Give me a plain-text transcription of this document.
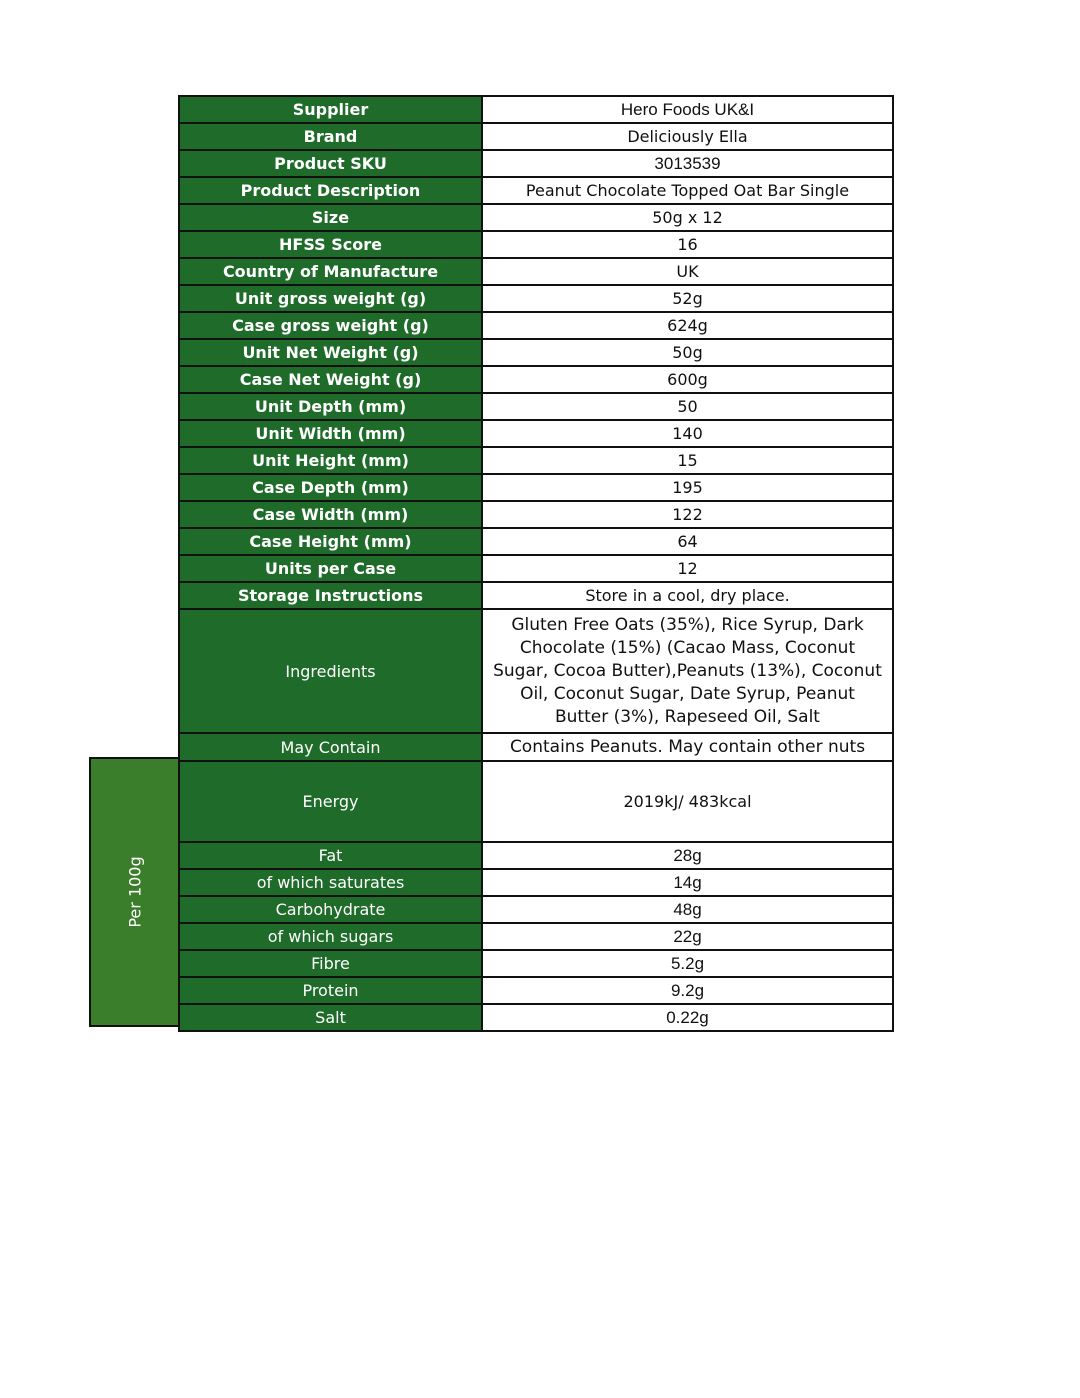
Per 100g
Supplier	Hero Foods UK&I
Brand	Deliciously Ella
Product SKU	3013539
Product Description	Peanut Chocolate Topped Oat Bar Single
Size	50g x 12
HFSS Score	16
Country of Manufacture	UK
Unit gross weight (g)	52g
Case gross weight (g)	624g
Unit Net Weight (g)	50g
Case Net Weight (g)	600g
Unit Depth (mm)	50
Unit Width (mm)	140
Unit Height (mm)	15
Case Depth (mm)	195
Case Width (mm)	122
Case Height (mm)	64
Units per Case	12
Storage Instructions	Store in a cool, dry place.
Ingredients	Gluten Free Oats (35%), Rice Syrup, Dark Chocolate (15%) (Cacao Mass, Coconut Sugar, Cocoa Butter),Peanuts (13%), Coconut Oil, Coconut Sugar, Date Syrup, Peanut Butter (3%), Rapeseed Oil, Salt
May Contain	Contains Peanuts. May contain other nuts
Energy	2019kJ/ 483kcal
Fat	28g
of which saturates	14g
Carbohydrate	48g
of which sugars	22g
Fibre	5.2g
Protein	9.2g
Salt	0.22g
